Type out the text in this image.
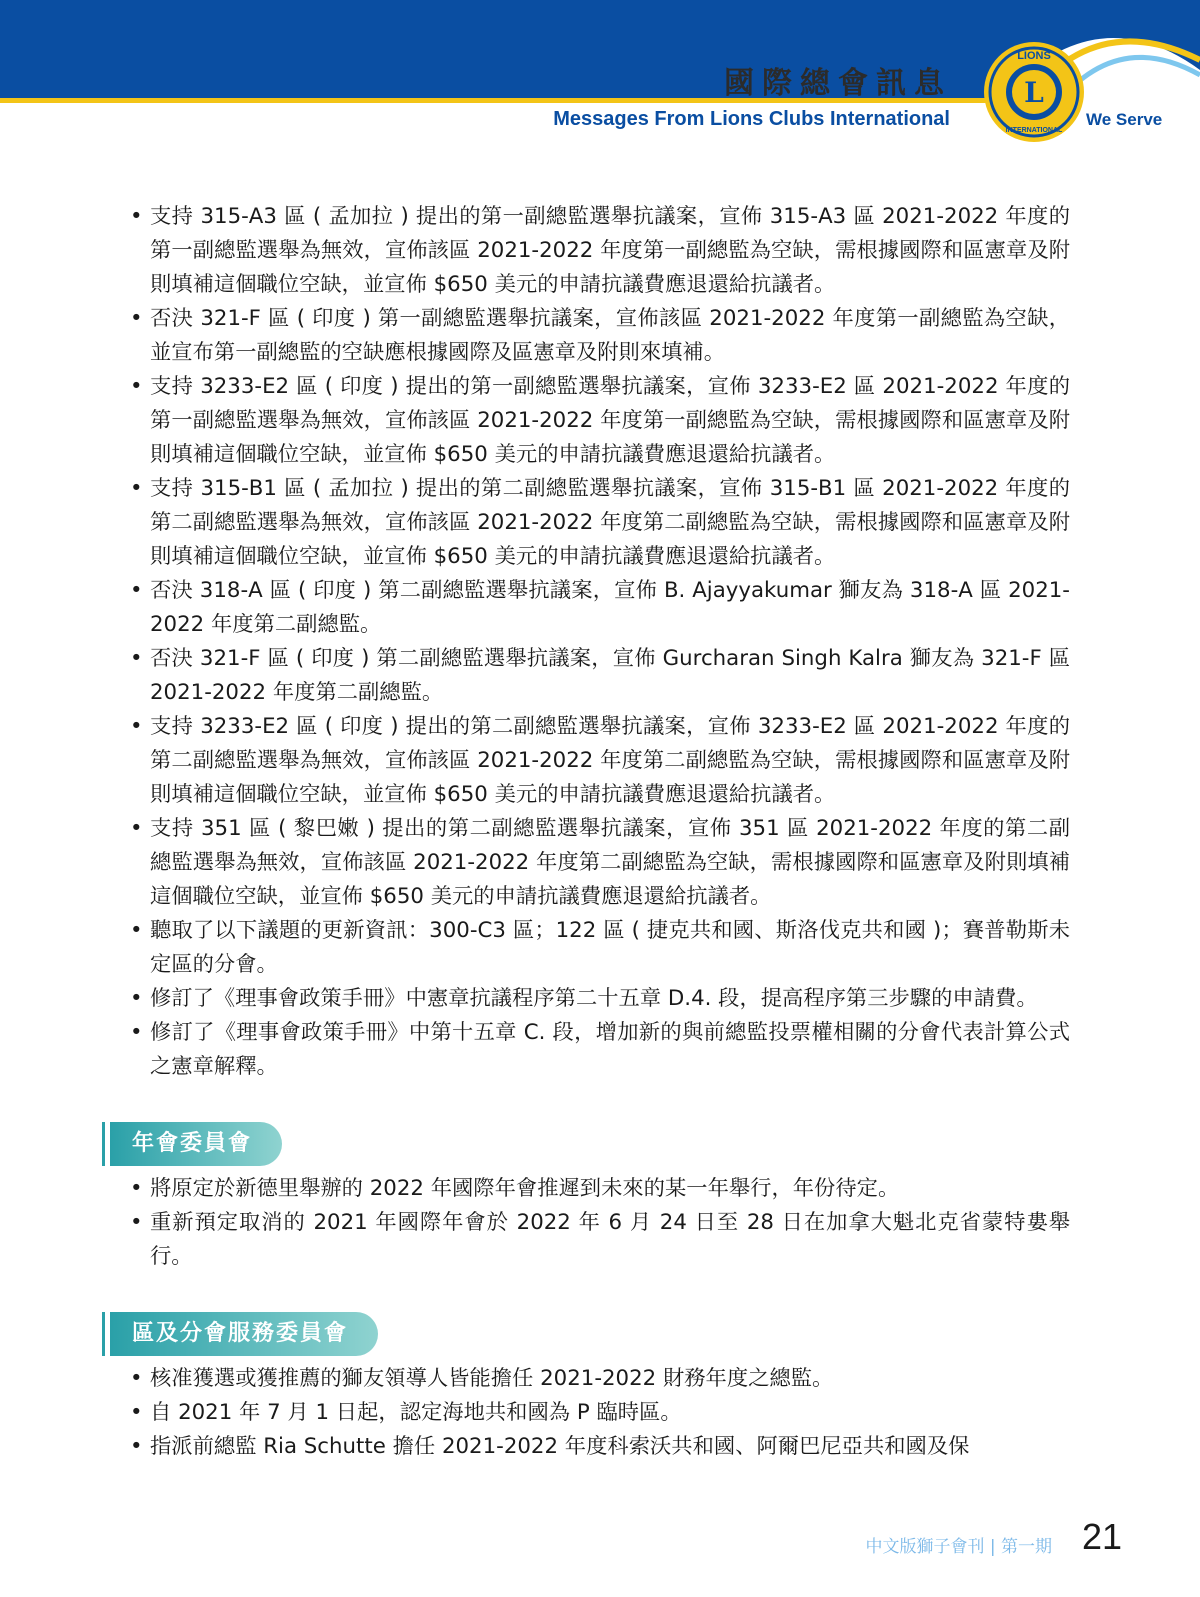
國際總會訊息
Messages From Lions Clubs International
L
LIONS
INTERNATIONAL
We Serve
• 支持 315-A3 區 ( 孟加拉 ) 提出的第一副總監選舉抗議案，宣佈 315-A3 區 2021-2022 年度的第一副總監選舉為無效，宣佈該區 2021-2022 年度第一副總監為空缺，需根據國際和區憲章及附則填補這個職位空缺，並宣佈 $650 美元的申請抗議費應退還給抗議者。
• 否決 321-F 區 ( 印度 ) 第一副總監選舉抗議案，宣佈該區 2021-2022 年度第一副總監為空缺，並宣布第一副總監的空缺應根據國際及區憲章及附則來填補。
• 支持 3233-E2 區 ( 印度 ) 提出的第一副總監選舉抗議案，宣佈 3233-E2 區 2021-2022 年度的第一副總監選舉為無效，宣佈該區 2021-2022 年度第一副總監為空缺，需根據國際和區憲章及附則填補這個職位空缺，並宣佈 $650 美元的申請抗議費應退還給抗議者。
• 支持 315-B1 區 ( 孟加拉 ) 提出的第二副總監選舉抗議案，宣佈 315-B1 區 2021-2022 年度的第二副總監選舉為無效，宣佈該區 2021-2022 年度第二副總監為空缺，需根據國際和區憲章及附則填補這個職位空缺，並宣佈 $650 美元的申請抗議費應退還給抗議者。
• 否決 318-A 區 ( 印度 ) 第二副總監選舉抗議案，宣佈 B. Ajayyakumar 獅友為 318-A 區 2021-2022 年度第二副總監。
• 否決 321-F 區 ( 印度 ) 第二副總監選舉抗議案，宣佈 Gurcharan Singh Kalra 獅友為 321-F 區 2021-2022 年度第二副總監。
• 支持 3233-E2 區 ( 印度 ) 提出的第二副總監選舉抗議案，宣佈 3233-E2 區 2021-2022 年度的第二副總監選舉為無效，宣佈該區 2021-2022 年度第二副總監為空缺，需根據國際和區憲章及附則填補這個職位空缺，並宣佈 $650 美元的申請抗議費應退還給抗議者。
• 支持 351 區 ( 黎巴嫩 ) 提出的第二副總監選舉抗議案，宣佈 351 區 2021-2022 年度的第二副總監選舉為無效，宣佈該區 2021-2022 年度第二副總監為空缺，需根據國際和區憲章及附則填補這個職位空缺，並宣佈 $650 美元的申請抗議費應退還給抗議者。
• 聽取了以下議題的更新資訊：300-C3 區；122 區 ( 捷克共和國、斯洛伐克共和國 )；賽普勒斯未定區的分會。
• 修訂了《理事會政策手冊》中憲章抗議程序第二十五章 D.4. 段，提高程序第三步驟的申請費。
• 修訂了《理事會政策手冊》中第十五章 C. 段，增加新的與前總監投票權相關的分會代表計算公式之憲章解釋。
年會委員會
• 將原定於新德里舉辦的 2022 年國際年會推遲到未來的某一年舉行，年份待定。
• 重新預定取消的 2021 年國際年會於 2022 年 6 月 24 日至 28 日在加拿大魁北克省蒙特婁舉行。
區及分會服務委員會
• 核准獲選或獲推薦的獅友領導人皆能擔任 2021-2022 財務年度之總監。
• 自 2021 年 7 月 1 日起，認定海地共和國為 P 臨時區。
• 指派前總監 Ria Schutte 擔任 2021-2022 年度科索沃共和國、阿爾巴尼亞共和國及保
中文版獅子會刊 | 第一期 21
